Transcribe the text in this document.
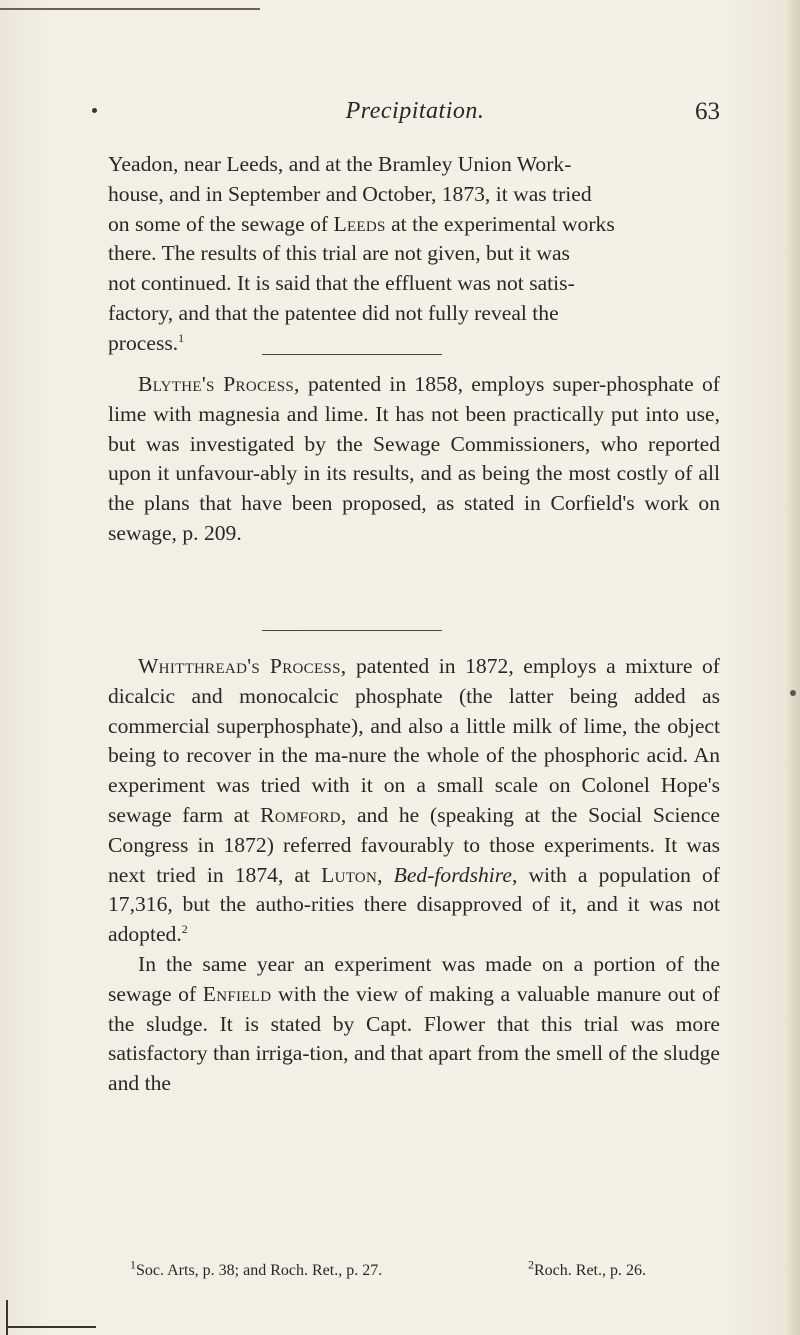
Precipitation.	63

Yeadon, near Leeds, and at the Bramley Union Work-
house, and in September and October, 1873, it was tried
on some of the sewage of Leeds at the experimental works
there. The results of this trial are not given, but it was
not continued. It is said that the effluent was not satis-
factory, and that the patentee did not fully reveal the
process.$^1$

Blythe's Process, patented in 1858, employs super-phosphate of lime with magnesia and lime. It has not been practically put into use, but was investigated by the Sewage Commissioners, who reported upon it unfavour-ably in its results, and as being the most costly of all the plans that have been proposed, as stated in Corfield's work on sewage, p. 209.

Whitthread's Process, patented in 1872, employs a mixture of dicalcic and monocalcic phosphate (the latter being added as commercial superphosphate), and also a little milk of lime, the object being to recover in the ma-nure the whole of the phosphoric acid. An experiment was tried with it on a small scale on Colonel Hope's sewage farm at Romford, and he (speaking at the Social Science Congress in 1872) referred favourably to those experiments. It was next tried in 1874, at Luton, Bed-fordshire, with a population of 17,316, but the autho-rities there disapproved of it, and it was not adopted.$^2$

In the same year an experiment was made on a portion of the sewage of Enfield with the view of making a valuable manure out of the sludge. It is stated by Capt. Flower that this trial was more satisfactory than irriga-tion, and that apart from the smell of the sludge and the

$^1$Soc. Arts, p. 38; and Roch. Ret., p. 27.	$^2$Roch. Ret., p. 26.
